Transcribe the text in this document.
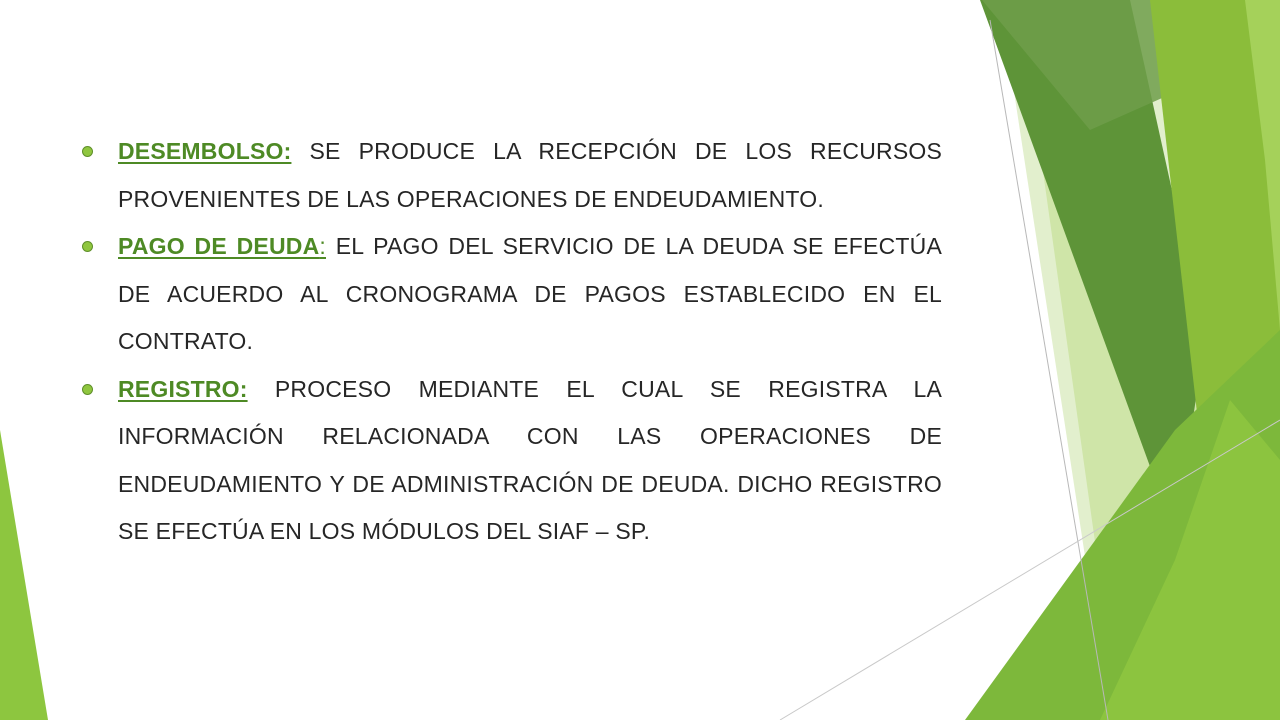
DESEMBOLSO: SE PRODUCE LA RECEPCIÓN DE LOS RECURSOS PROVENIENTES DE LAS OPERACIONES DE ENDEUDAMIENTO.
PAGO DE DEUDA: EL PAGO DEL SERVICIO DE LA DEUDA SE EFECTÚA DE ACUERDO AL CRONOGRAMA DE PAGOS ESTABLECIDO EN EL CONTRATO.
REGISTRO: PROCESO MEDIANTE EL CUAL SE REGISTRA LA INFORMACIÓN RELACIONADA CON LAS OPERACIONES DE ENDEUDAMIENTO Y DE ADMINISTRACIÓN DE DEUDA. DICHO REGISTRO SE EFECTÚA EN LOS MÓDULOS DEL SIAF – SP.
